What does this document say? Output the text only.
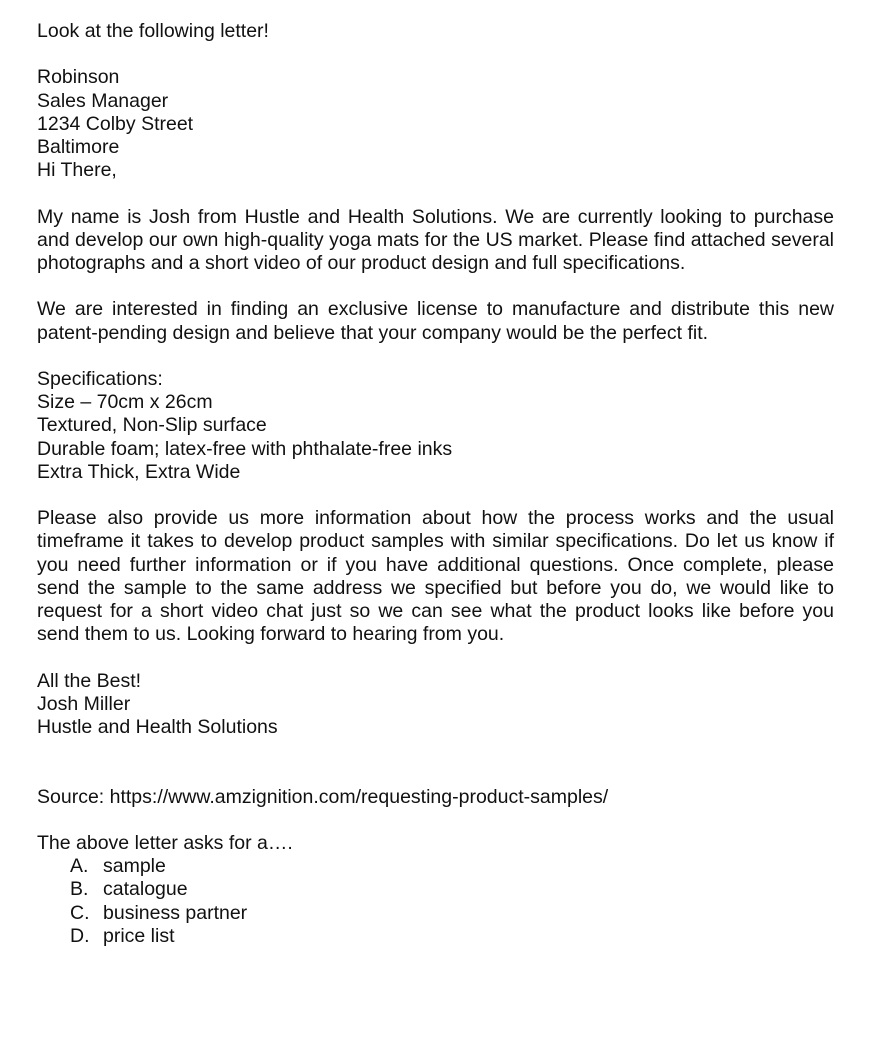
Look at the following letter!
Robinson
Sales Manager
1234 Colby Street
Baltimore
Hi There,

My name is Josh from Hustle and Health Solutions. We are currently looking to purchase and develop our own high-quality yoga mats for the US market. Please find attached several photographs and a short video of our product design and full specifications.

We are interested in finding an exclusive license to manufacture and distribute this new patent-pending design and believe that your company would be the perfect fit.

Specifications:
Size – 70cm x 26cm
Textured, Non-Slip surface
Durable foam; latex-free with phthalate-free inks
Extra Thick, Extra Wide

Please also provide us more information about how the process works and the usual timeframe it takes to develop product samples with similar specifications. Do let us know if you need further information or if you have additional questions. Once complete, please send the sample to the same address we specified but before you do, we would like to request for a short video chat just so we can see what the product looks like before you send them to us. Looking forward to hearing from you.

All the Best!
Josh Miller
Hustle and Health Solutions
Source: https://www.amzignition.com/requesting-product-samples/
The above letter asks for a….
A. sample
B. catalogue
C. business partner
D. price list
